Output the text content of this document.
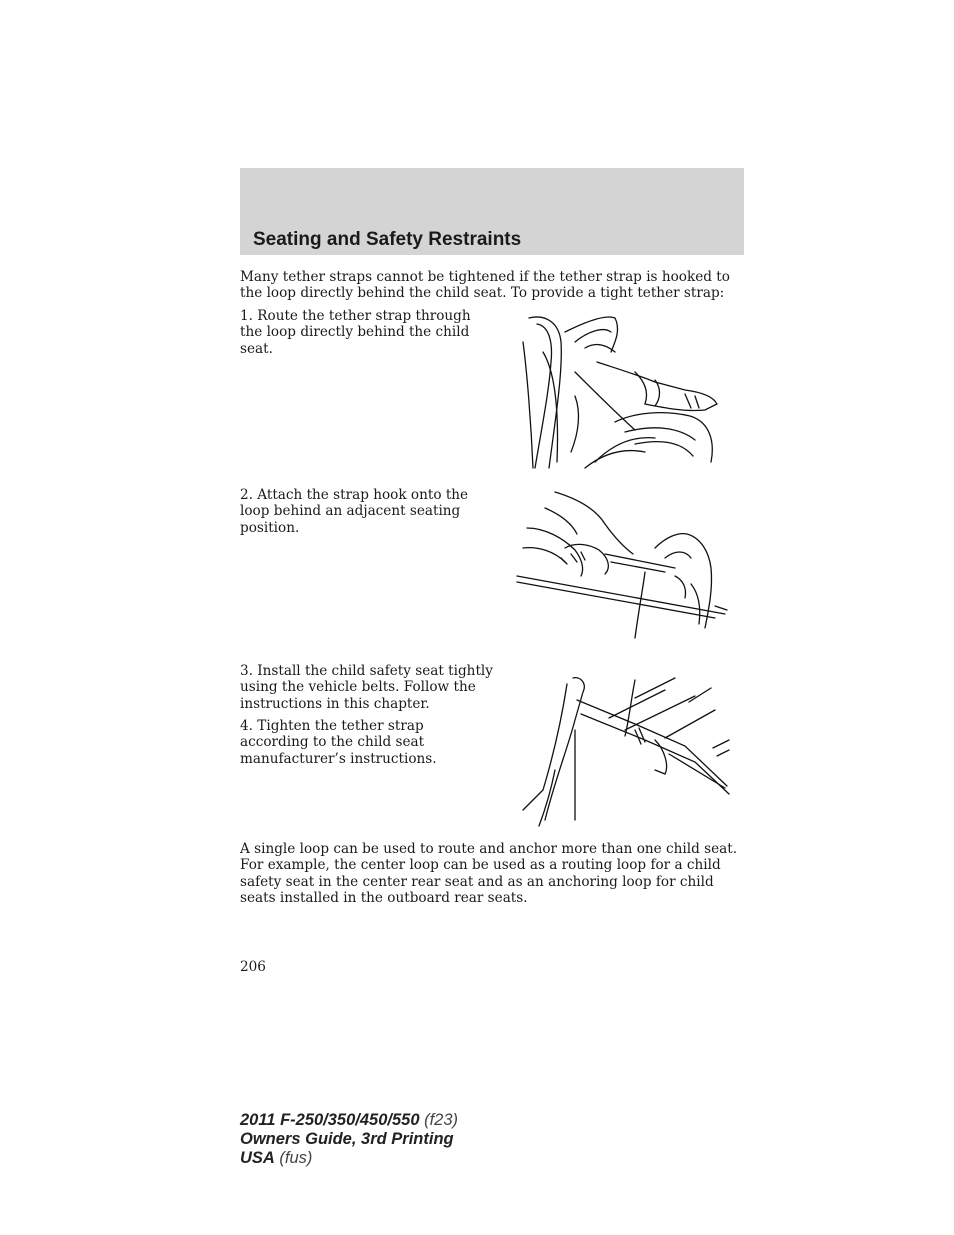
Seating and Safety Restraints
Many tether straps cannot be tightened if the tether strap is hooked to the loop directly behind the child seat. To provide a tight tether strap:
1. Route the tether strap through the loop directly behind the child seat.
2. Attach the strap hook onto the loop behind an adjacent seating position.
3. Install the child safety seat tightly using the vehicle belts. Follow the instructions in this chapter.
4. Tighten the tether strap according to the child seat manufacturer’s instructions.
A single loop can be used to route and anchor more than one child seat. For example, the center loop can be used as a routing loop for a child safety seat in the center rear seat and as an anchoring loop for child seats installed in the outboard rear seats.
206
2011 F-250/350/450/550 (f23)
Owners Guide, 3rd Printing
USA (fus)
